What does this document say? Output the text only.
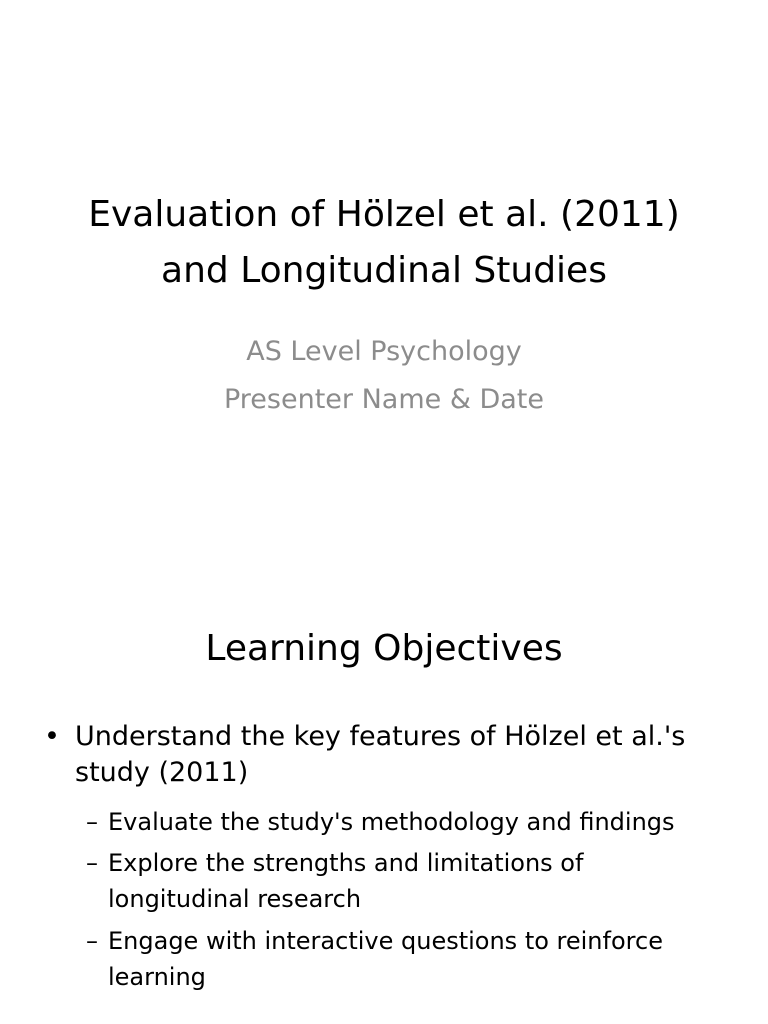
Evaluation of Hölzel et al. (2011)
and Longitudinal Studies
AS Level Psychology
Presenter Name & Date
Learning Objectives
• Understand the key features of Hölzel et al.'s study (2011)
– Evaluate the study's methodology and findings
– Explore the strengths and limitations of longitudinal research
– Engage with interactive questions to reinforce learning
